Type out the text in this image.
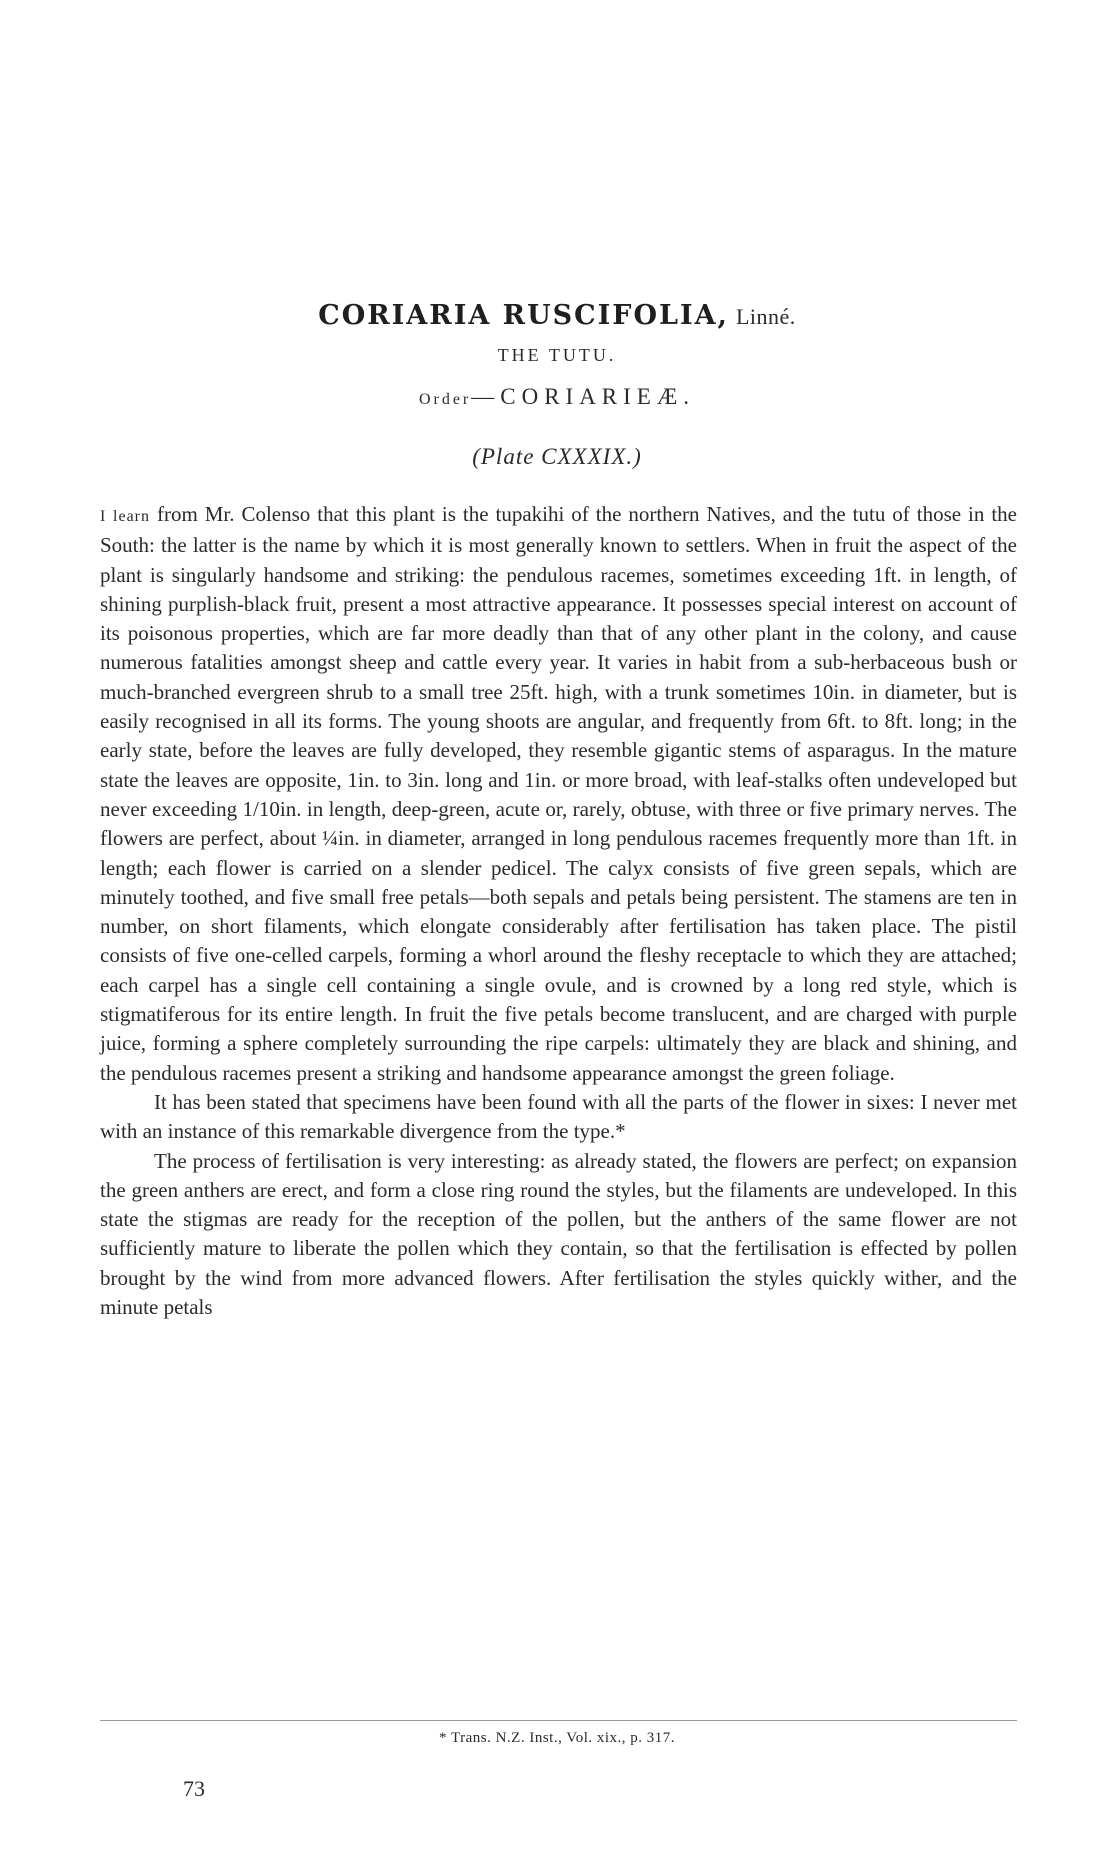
CORIARIA RUSCIFOLIA, Linné.
THE TUTU.
Order—CORIARIEÆ.
(Plate CXXXIX.)

I learn from Mr. Colenso that this plant is the tupakihi of the northern Natives, and the tutu of those in the South: the latter is the name by which it is most generally known to settlers. When in fruit the aspect of the plant is singularly handsome and striking: the pendulous racemes, sometimes exceeding 1ft. in length, of shining purplish-black fruit, present a most attractive appearance. It possesses special interest on account of its poisonous properties, which are far more deadly than that of any other plant in the colony, and cause numerous fatalities amongst sheep and cattle every year. It varies in habit from a sub-herbaceous bush or much-branched evergreen shrub to a small tree 25ft. high, with a trunk sometimes 10in. in diameter, but is easily recognised in all its forms. The young shoots are angular, and frequently from 6ft. to 8ft. long; in the early state, before the leaves are fully developed, they resemble gigantic stems of asparagus. In the mature state the leaves are opposite, 1in. to 3in. long and 1in. or more broad, with leaf-stalks often undeveloped but never exceeding 1/10in. in length, deep-green, acute or, rarely, obtuse, with three or five primary nerves. The flowers are perfect, about ¼in. in diameter, arranged in long pendulous racemes frequently more than 1ft. in length; each flower is carried on a slender pedicel. The calyx consists of five green sepals, which are minutely toothed, and five small free petals—both sepals and petals being persistent. The stamens are ten in number, on short filaments, which elongate considerably after fertilisation has taken place. The pistil consists of five one-celled carpels, forming a whorl around the fleshy receptacle to which they are attached; each carpel has a single cell containing a single ovule, and is crowned by a long red style, which is stigmatiferous for its entire length. In fruit the five petals become translucent, and are charged with purple juice, forming a sphere completely surrounding the ripe carpels: ultimately they are black and shining, and the pendulous racemes present a striking and handsome appearance amongst the green foliage.

It has been stated that specimens have been found with all the parts of the flower in sixes: I never met with an instance of this remarkable divergence from the type.*

The process of fertilisation is very interesting: as already stated, the flowers are perfect; on expansion the green anthers are erect, and form a close ring round the styles, but the filaments are undeveloped. In this state the stigmas are ready for the reception of the pollen, but the anthers of the same flower are not sufficiently mature to liberate the pollen which they contain, so that the fertilisation is effected by pollen brought by the wind from more advanced flowers. After fertilisation the styles quickly wither, and the minute petals

* Trans. N.Z. Inst., Vol. xix., p. 317.
73
